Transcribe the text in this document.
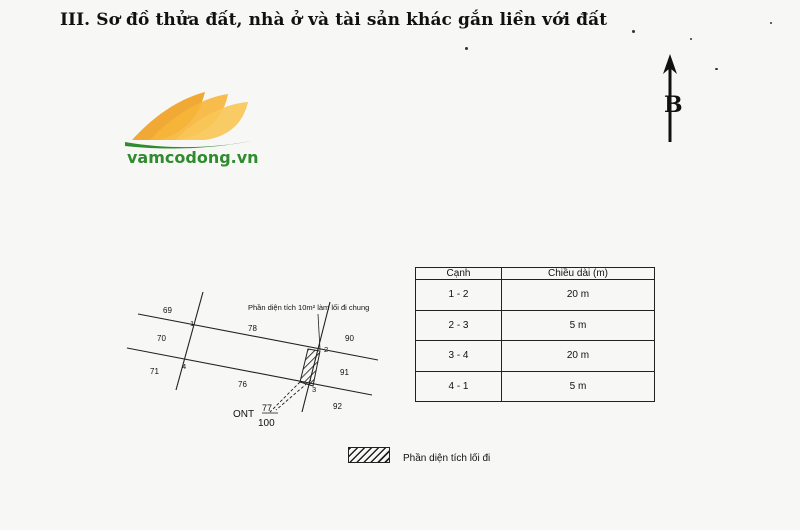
III. Sơ đồ thửa đất, nhà ở và tài sản khác gắn liền với đất
B
vamcodong.vn
Phần diện tích 10m² làm lối đi chung
69
78
90
70
71
76
91
92
77
100
ONT
1
2
3
4
Cạnh	Chiều dài (m)
1 - 2	20 m
2 - 3	5 m
3 - 4	20 m
4 - 1	5 m
Phần diện tích lối đi
